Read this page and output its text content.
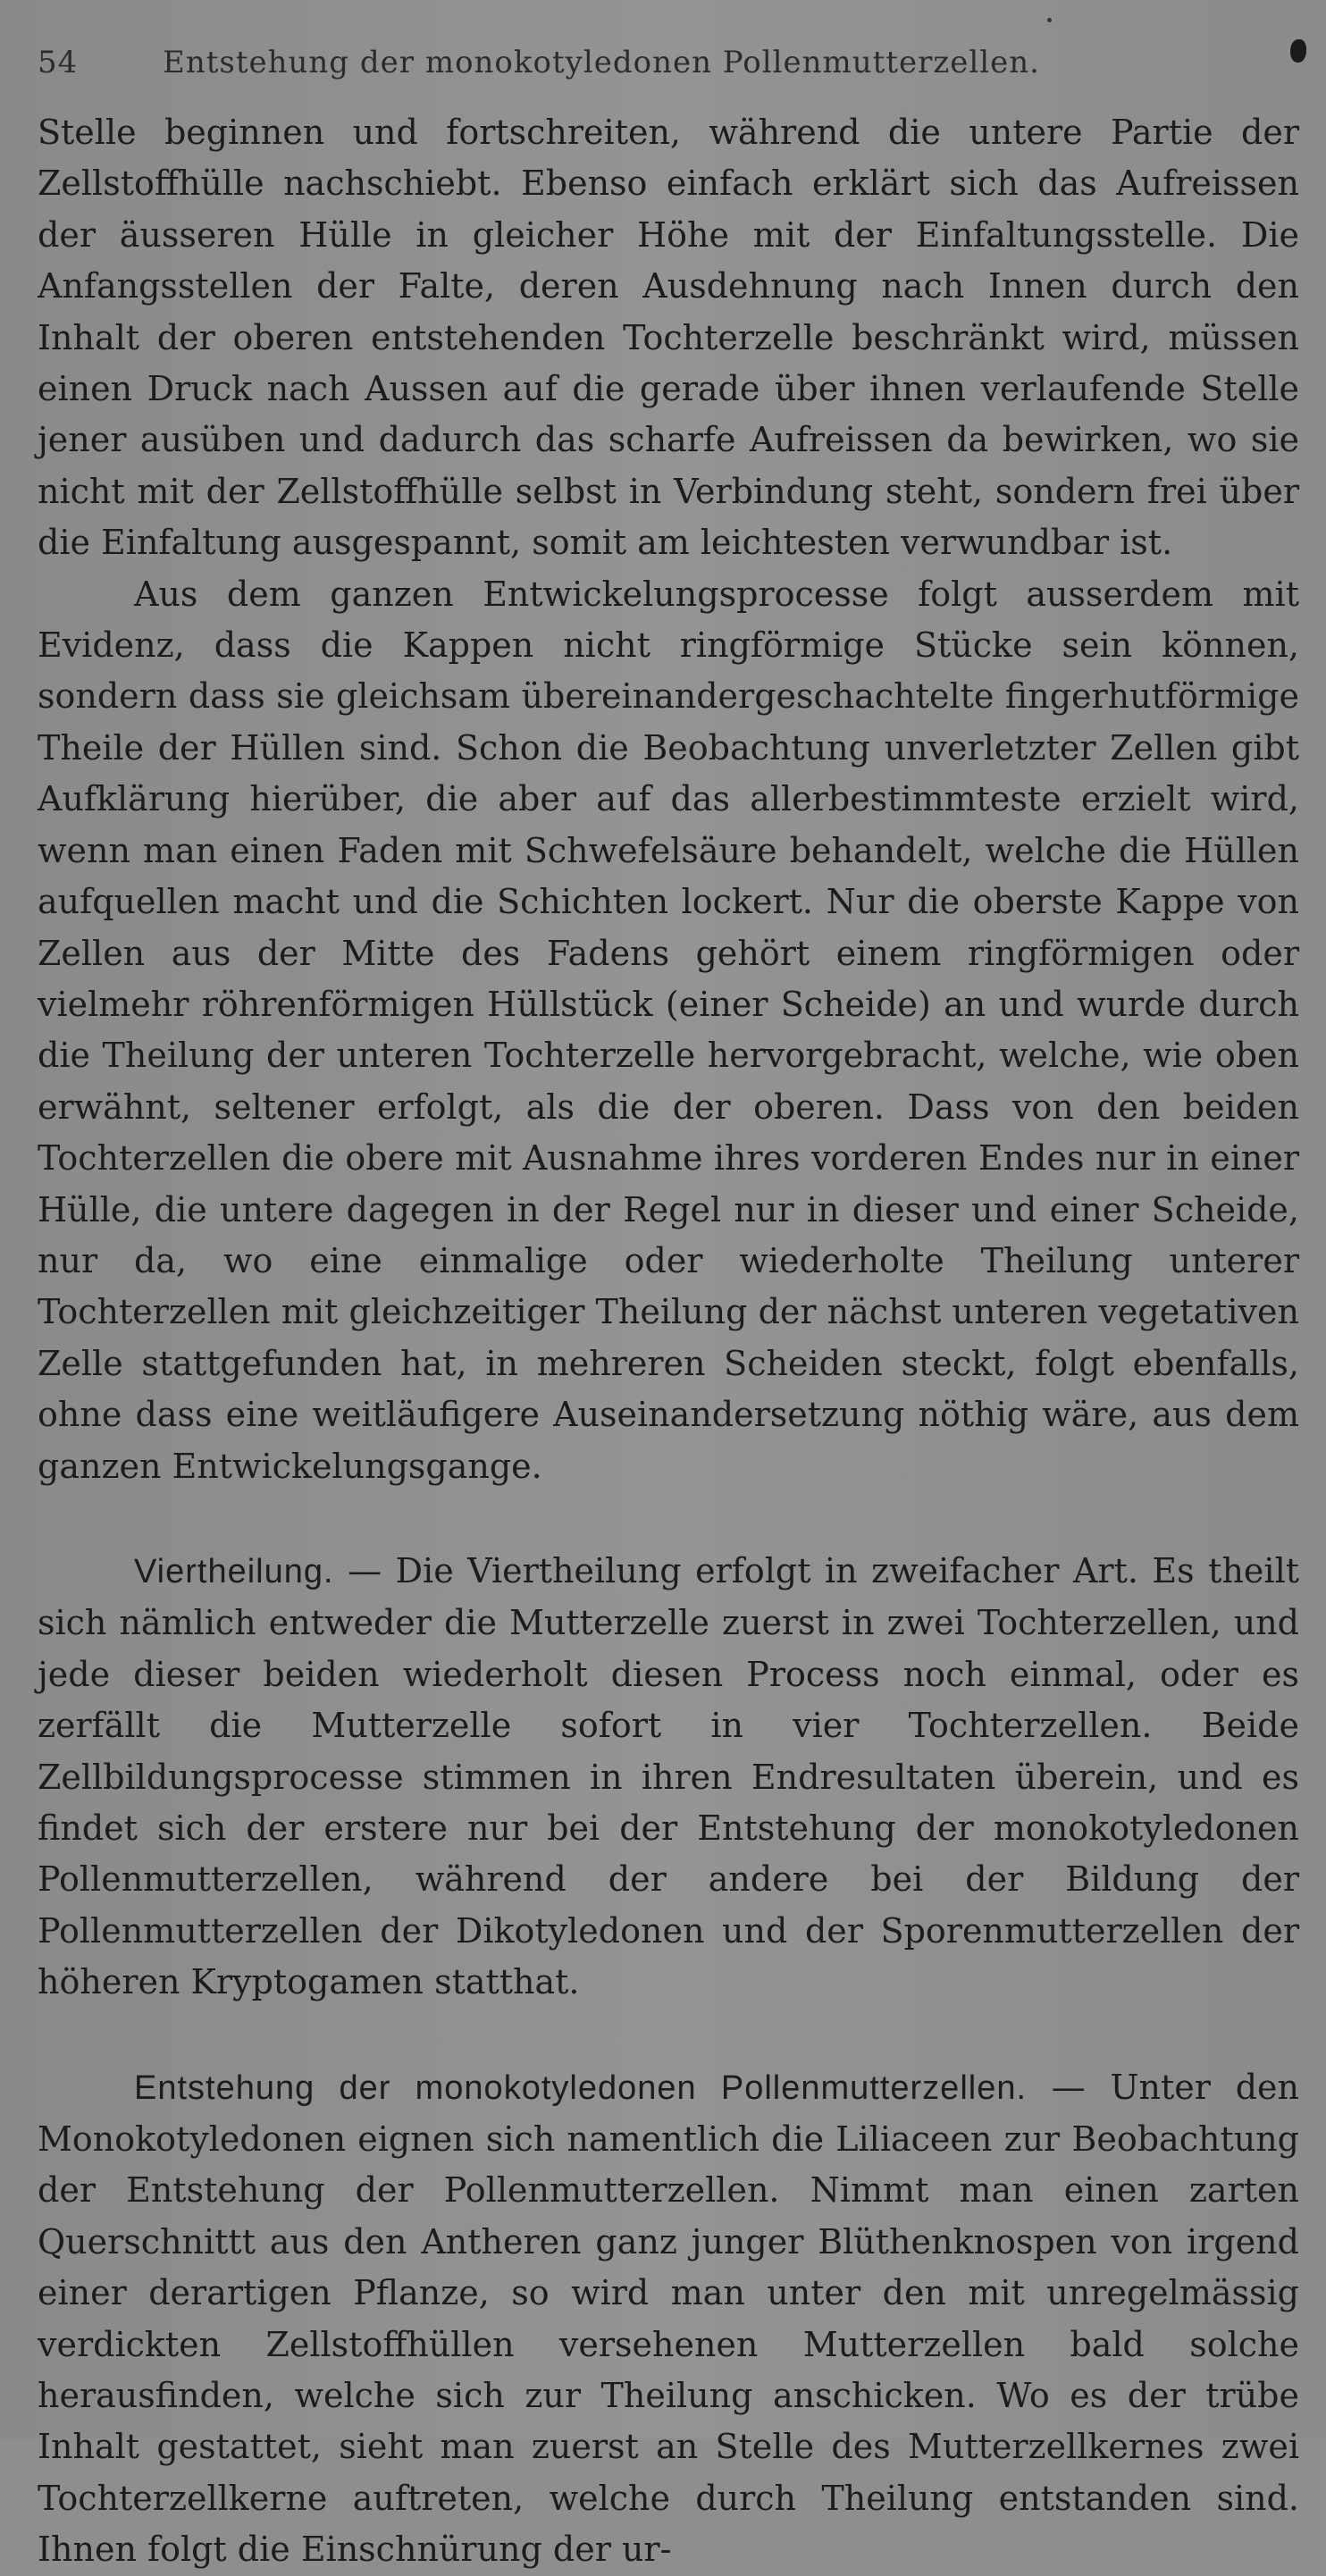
54	Entstehung der monokotyledonen Pollenmutterzellen.

Stelle beginnen und fortschreiten, während die untere Partie der Zellstoffhülle nachschiebt. Ebenso einfach erklärt sich das Aufreissen der äusseren Hülle in gleicher Höhe mit der Einfaltungsstelle. Die Anfangsstellen der Falte, deren Ausdehnung nach Innen durch den Inhalt der oberen entstehenden Tochterzelle beschränkt wird, müssen einen Druck nach Aussen auf die gerade über ihnen verlaufende Stelle jener ausüben und dadurch das scharfe Aufreissen da bewirken, wo sie nicht mit der Zellstoffhülle selbst in Verbindung steht, sondern frei über die Einfaltung ausgespannt, somit am leichtesten verwundbar ist.

Aus dem ganzen Entwickelungsprocesse folgt ausserdem mit Evidenz, dass die Kappen nicht ringförmige Stücke sein können, sondern dass sie gleichsam übereinandergeschachtelte fingerhutförmige Theile der Hüllen sind. Schon die Beobachtung unverletzter Zellen gibt Aufklärung hierüber, die aber auf das allerbestimmteste erzielt wird, wenn man einen Faden mit Schwefelsäure behandelt, welche die Hüllen aufquellen macht und die Schichten lockert. Nur die oberste Kappe von Zellen aus der Mitte des Fadens gehört einem ringförmigen oder vielmehr röhrenförmigen Hüllstück (einer Scheide) an und wurde durch die Theilung der unteren Tochterzelle hervorgebracht, welche, wie oben erwähnt, seltener erfolgt, als die der oberen. Dass von den beiden Tochterzellen die obere mit Ausnahme ihres vorderen Endes nur in einer Hülle, die untere dagegen in der Regel nur in dieser und einer Scheide, nur da, wo eine einmalige oder wiederholte Theilung unterer Tochterzellen mit gleichzeitiger Theilung der nächst unteren vegetativen Zelle stattgefunden hat, in mehreren Scheiden steckt, folgt ebenfalls, ohne dass eine weitläufigere Auseinandersetzung nöthig wäre, aus dem ganzen Entwickelungsgange.

Viertheilung. — Die Viertheilung erfolgt in zweifacher Art. Es theilt sich nämlich entweder die Mutterzelle zuerst in zwei Tochterzellen, und jede dieser beiden wiederholt diesen Process noch einmal, oder es zerfällt die Mutterzelle sofort in vier Tochterzellen. Beide Zellbildungsprocesse stimmen in ihren Endresultaten überein, und es findet sich der erstere nur bei der Entstehung der monokotyledonen Pollenmutterzellen, während der andere bei der Bildung der Pollenmutterzellen der Dikotyledonen und der Sporenmutterzellen der höheren Kryptogamen statthat.

Entstehung der monokotyledonen Pollenmutterzellen. — Unter den Monokotyledonen eignen sich namentlich die Liliaceen zur Beobachtung der Entstehung der Pollenmutterzellen. Nimmt man einen zarten Querschnittt aus den Antheren ganz junger Blüthenknospen von irgend einer derartigen Pflanze, so wird man unter den mit unregelmässig verdickten Zellstoffhüllen versehenen Mutterzellen bald solche herausfinden, welche sich zur Theilung anschicken. Wo es der trübe Inhalt gestattet, sieht man zuerst an Stelle des Mutterzellkernes zwei Tochterzellkerne auftreten, welche durch Theilung entstanden sind. Ihnen folgt die Einschnürung der ur-
